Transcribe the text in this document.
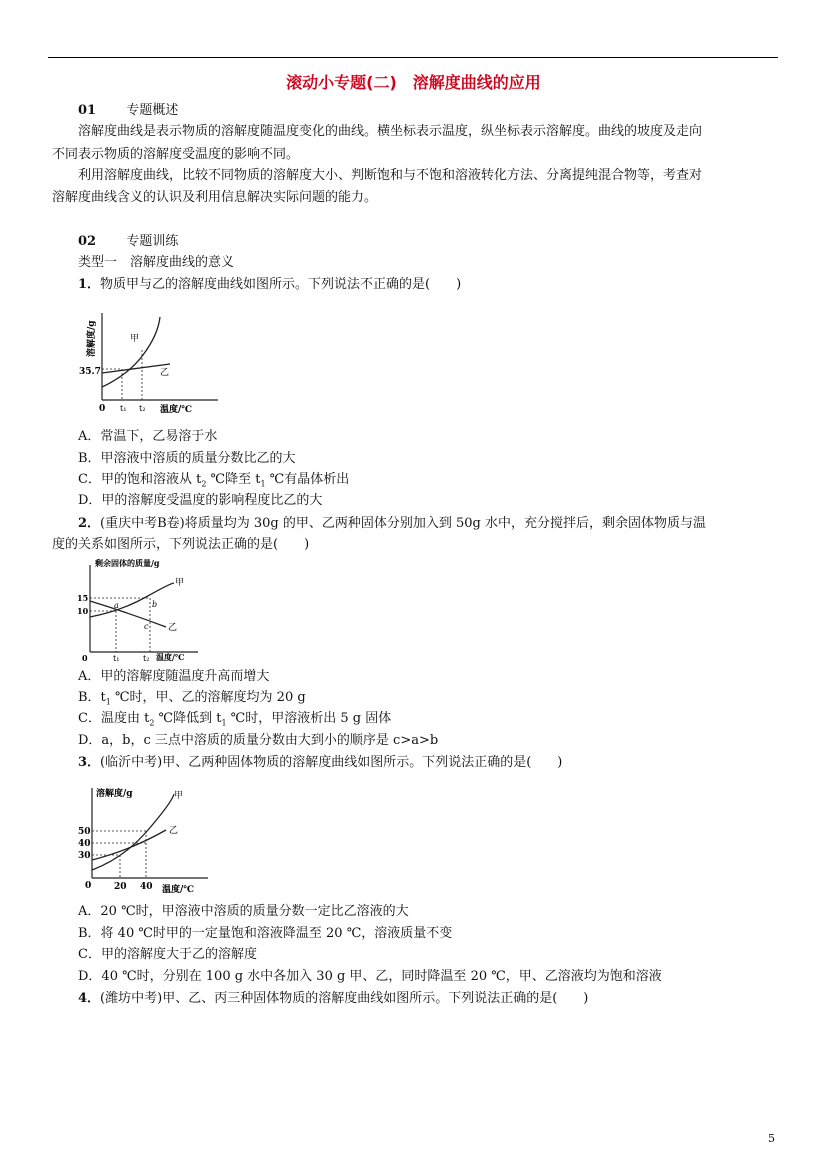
滚动小专题(二)　溶解度曲线的应用
01 专题概述
溶解度曲线是表示物质的溶解度随温度变化的曲线。横坐标表示温度，纵坐标表示溶解度。曲线的坡度及走向
不同表示物质的溶解度受温度的影响不同。
利用溶解度曲线，比较不同物质的溶解度大小、判断饱和与不饱和溶液转化方法、分离提纯混合物等，考查对
溶解度曲线含义的认识及利用信息解决实际问题的能力。
02 专题训练
类型一　溶解度曲线的意义
1．物质甲与乙的溶解度曲线如图所示。下列说法不正确的是(　　)
溶解度/g
35.7
0 t₁ t₂ 温度/℃
甲
乙
A．常温下，乙易溶于水
B．甲溶液中溶质的质量分数比乙的大
C．甲的饱和溶液从 $t_2$ ℃降至 $t_1$ ℃有晶体析出
D．甲的溶解度受温度的影响程度比乙的大
2．(重庆中考B卷)将质量均为 30g 的甲、乙两种固体分别加入到 50g 水中，充分搅拌后，剩余固体物质与温
度的关系如图所示，下列说法正确的是(　　)
剩余固体的质量/g
15
10
0	t₁	t₂ 温度/℃
甲
乙
a	b
c
A．甲的溶解度随温度升高而增大
B．$t_1$ ℃时，甲、乙的溶解度均为 20 g
C．温度由 $t_2$ ℃降低到 $t_1$ ℃时，甲溶液析出 5 g 固体
D．a，b，c 三点中溶质的质量分数由大到小的顺序是 c>a>b
3．(临沂中考)甲、乙两种固体物质的溶解度曲线如图所示。下列说法正确的是(　　)
溶解度/g
50
40
30
0	20 40 温度/℃
甲
乙
A．20 ℃时，甲溶液中溶质的质量分数一定比乙溶液的大
B．将 40 ℃时甲的一定量饱和溶液降温至 20 ℃，溶液质量不变
C．甲的溶解度大于乙的溶解度
D．40 ℃时，分别在 100 g 水中各加入 30 g 甲、乙，同时降温至 20 ℃，甲、乙溶液均为饱和溶液
4．(潍坊中考)甲、乙、丙三种固体物质的溶解度曲线如图所示。下列说法正确的是(　　)
5
